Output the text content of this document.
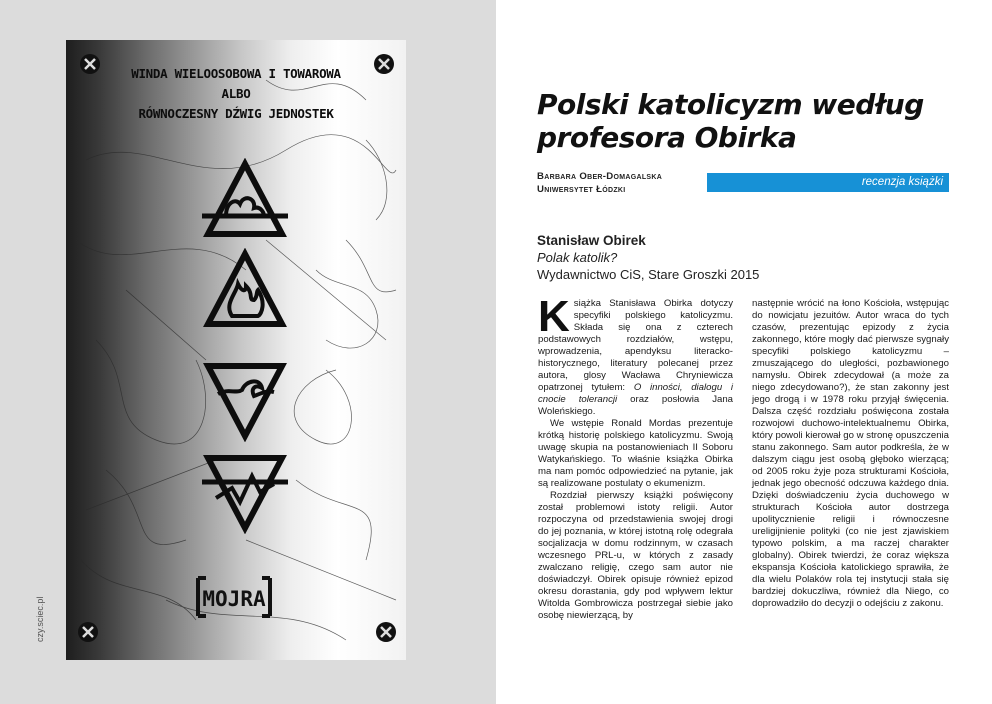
WINDA WIELOOSOBOWA I TOWAROWA
ALBO
RÓWNOCZESNY DŹWIG JEDNOSTEK
MOJRA
czy.sciec.pl
Polski katolicyzm według
profesora Obirka
Barbara Ober-Domagalska
Uniwersytet Łódzki
recenzja książki
Stanisław Obirek
Polak katolik?
Wydawnictwo CiS, Stare Groszki 2015

Książka Stanisława Obirka dotyczy specyfiki polskiego katolicyzmu. Składa się ona z czterech podstawowych rozdziałów, wstępu, wprowadzenia, apendyksu literacko-historycznego, literatury polecanej przez autora, glosy Wacława Chryniewicza opatrzonej tytułem: O inności, dialogu i cnocie tolerancji oraz posłowia Jana Woleńskiego.

We wstępie Ronald Mordas prezentuje krótką historię polskiego katolicyzmu. Swoją uwagę skupia na postanowieniach II Soboru Watykańskiego. To właśnie książka Obirka ma nam pomóc odpowiedzieć na pytanie, jak są realizowane postulaty o ekumenizm.

Rozdział pierwszy książki poświęcony został problemowi istoty religii. Autor rozpoczyna od przedstawienia swojej drogi do jej poznania, w której istotną rolę odegrała socjalizacja w domu rodzinnym, w czasach wczesnego PRL-u, w których z zasady zwalczano religię, czego sam autor nie doświadczył. Obirek opisuje również epizod okresu dorastania, gdy pod wpływem lektur Witolda Gombrowicza postrzegał siebie jako osobę niewierzącą, by

następnie wrócić na łono Kościoła, wstępując do nowicjatu jezuitów. Autor wraca do tych czasów, prezentując epizody z życia zakonnego, które mogły dać pierwsze sygnały specyfiki polskiego katolicyzmu – zmuszającego do uległości, pozbawionego namysłu. Obirek zdecydował (a może za niego zdecydowano?), że stan zakonny jest jego drogą i w 1978 roku przyjął święcenia. Dalsza część rozdziału poświęcona została rozwojowi duchowo-intelektualnemu Obirka, który powoli kierował go w stronę opuszczenia stanu zakonnego. Sam autor podkreśla, że w dalszym ciągu jest osobą głęboko wierzącą; od 2005 roku żyje poza strukturami Kościoła, jednak jego obecność odczuwa każdego dnia. Dzięki doświadczeniu życia duchowego w strukturach Kościoła autor dostrzega upolitycznienie religii i równoczesne ureligijnienie polityki (co nie jest zjawiskiem typowo polskim, a ma raczej charakter globalny). Obirek twierdzi, że coraz większa ekspansja Kościoła katolickiego sprawiła, że dla wielu Polaków rola tej instytucji stała się bardziej dokuczliwa, również dla Niego, co doprowadziło do decyzji o odejściu z zakonu.
